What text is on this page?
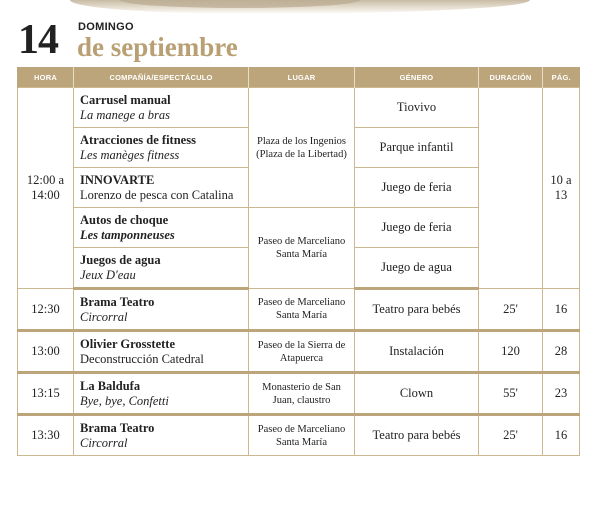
14 DOMINGO
de septiembre
HORA	COMPAÑÍA/ESPECTÁCULO	LUGAR	GÉNERO	DURACIÓN	PÁG.
12:00 a 14:00	Carrusel manual
La manege a bras	Plaza de los Ingenios (Plaza de la Libertad)	Tiovivo		10 a 13

	Atracciones de fitness
Les manèges fitness		Parque infantil		

	INNOVARTE
Lorenzo de pesca con Catalina		Juego de feria		

	Autos de choque
Les tamponneuses	Paseo de Marceliano Santa María	Juego de feria		

	Juegos de agua
Jeux D'eau		Juego de agua		
12:30	Brama Teatro
Circorral	Paseo de Marceliano Santa María	Teatro para bebés	25'	16
13:00	Olivier Grosstette
Deconstrucción Catedral	Paseo de la Sierra de Atapuerca	Instalación	120	28
13:15	La Baldufa
Bye, bye, Confetti	Monasterio de San Juan, claustro	Clown	55'	23
13:30	Brama Teatro
Circorral	Paseo de Marceliano Santa María	Teatro para bebés	25'	16
